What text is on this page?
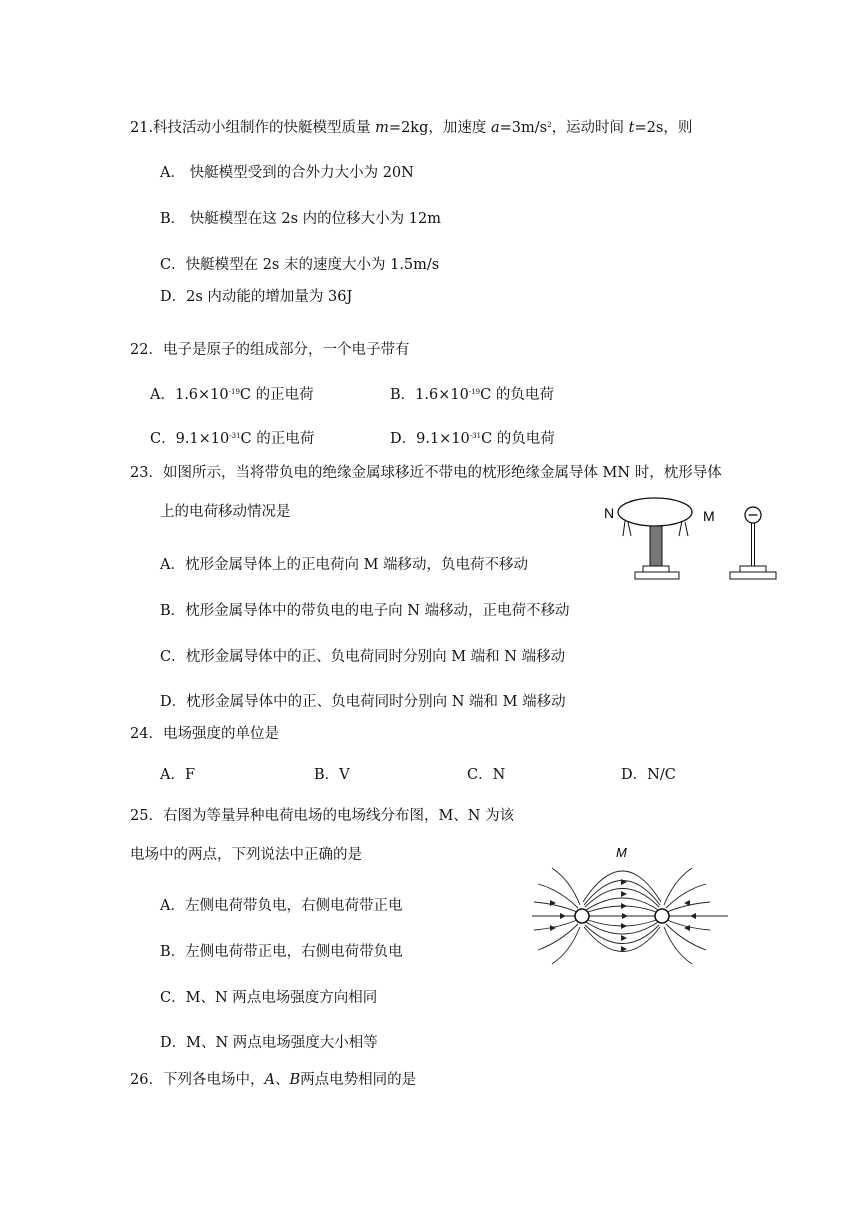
21.科技活动小组制作的快艇模型质量 m=2kg，加速度 $a=3m/s^2$，运动时间 t=2s，则
A． 快艇模型受到的合外力大小为 20N
B． 快艇模型在这 2s 内的位移大小为 12m
C．快艇模型在 2s 末的速度大小为 1.5m/s
D．2s 内动能的增加量为 36J
22．电子是原子的组成部分，一个电子带有
A．$1.6\times 10^{-19}C$ 的正电荷	B．$1.6\times 10^{-19}C$ 的负电荷
C．$9.1\times 10^{-31}C$ 的正电荷	D．$9.1\times 10^{-31}C$ 的负电荷
23．如图所示，当将带负电的绝缘金属球移近不带电的枕形绝缘金属导体 MN 时，枕形导体
上的电荷移动情况是
A．枕形金属导体上的正电荷向 M 端移动，负电荷不移动
B．枕形金属导体中的带负电的电子向 N 端移动，正电荷不移动
C．枕形金属导体中的正、负电荷同时分别向 M 端和 N 端移动
D．枕形金属导体中的正、负电荷同时分别向 N 端和 M 端移动
N	M
24．电场强度的单位是
A．F	B．V	C．N	D．N/C
25．右图为等量异种电荷电场的电场线分布图，M、N 为该
电场中的两点，下列说法中正确的是
A．左侧电荷带负电，右侧电荷带正电
B．左侧电荷带正电，右侧电荷带负电
C．M、N 两点电场强度方向相同
D．M、N 两点电场强度大小相等
M
26．下列各电场中，A、B两点电势相同的是
